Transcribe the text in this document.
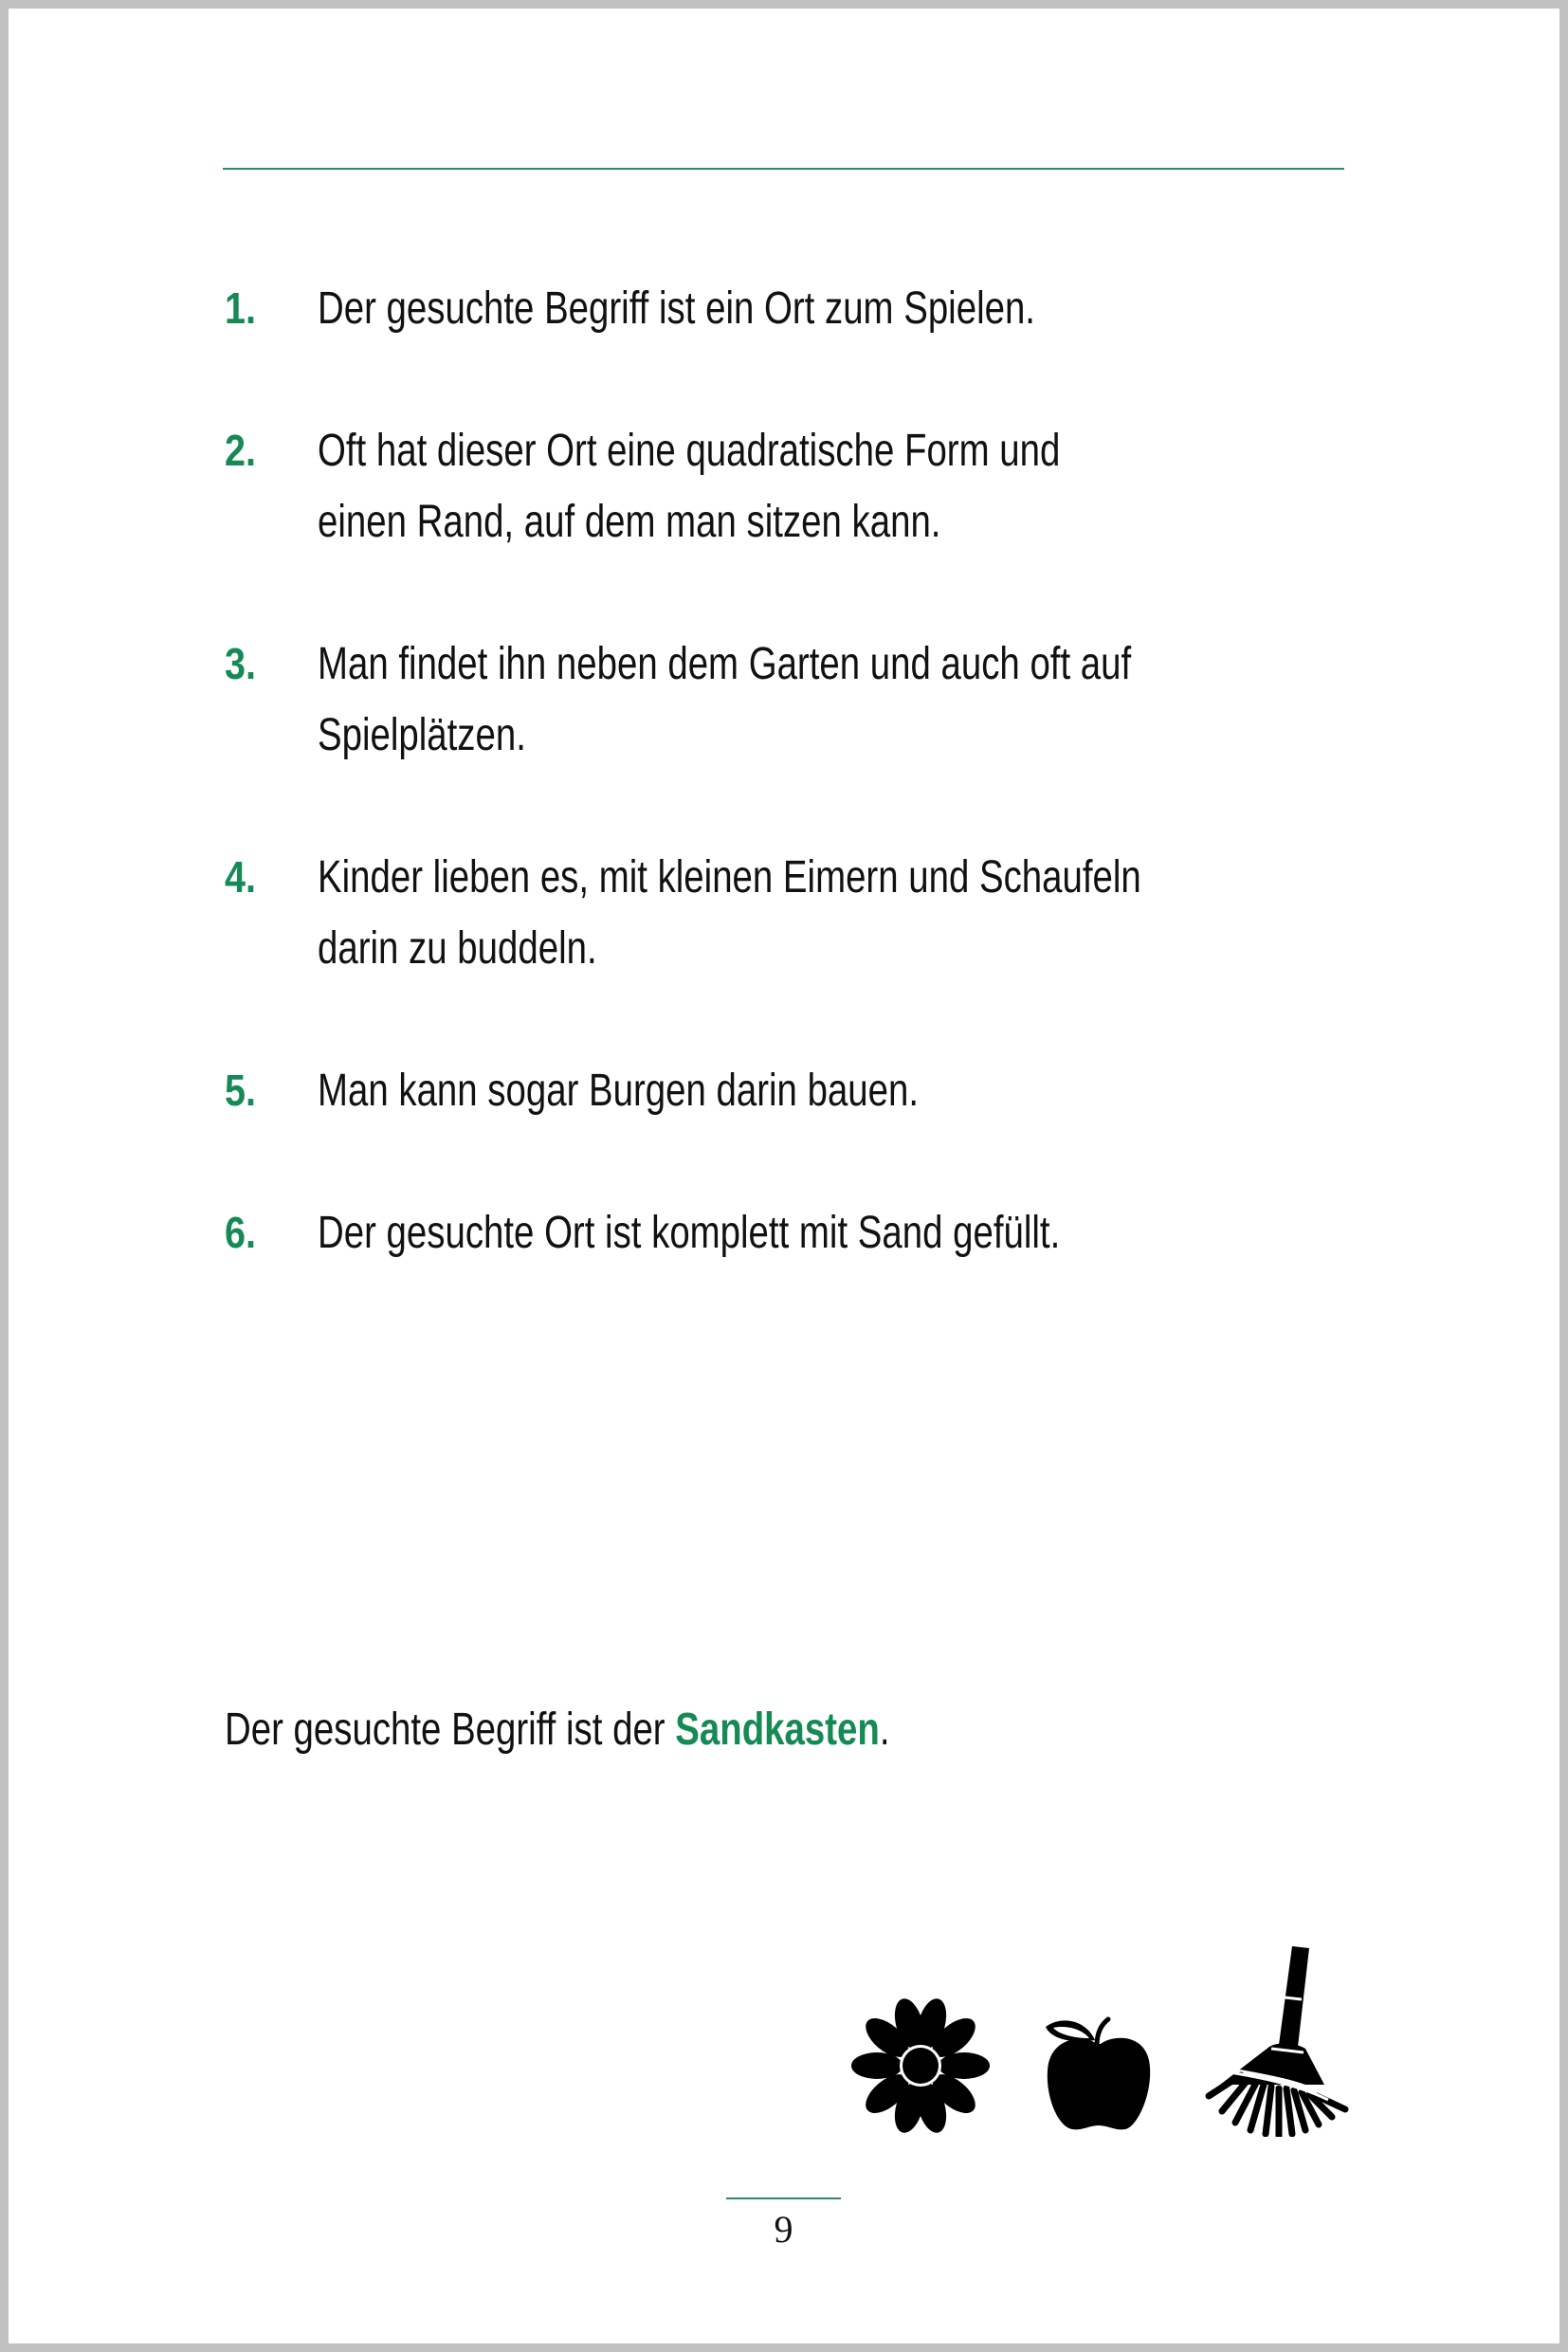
1. Der gesuchte Begriff ist ein Ort zum Spielen.
2. Oft hat dieser Ort eine quadratische Form und
einen Rand, auf dem man sitzen kann.
3. Man findet ihn neben dem Garten und auch oft auf
Spielplätzen.
4. Kinder lieben es, mit kleinen Eimern und Schaufeln
darin zu buddeln.
5. Man kann sogar Burgen darin bauen.
6. Der gesuchte Ort ist komplett mit Sand gefüllt.
Der gesuchte Begriff ist der Sandkasten.
9
